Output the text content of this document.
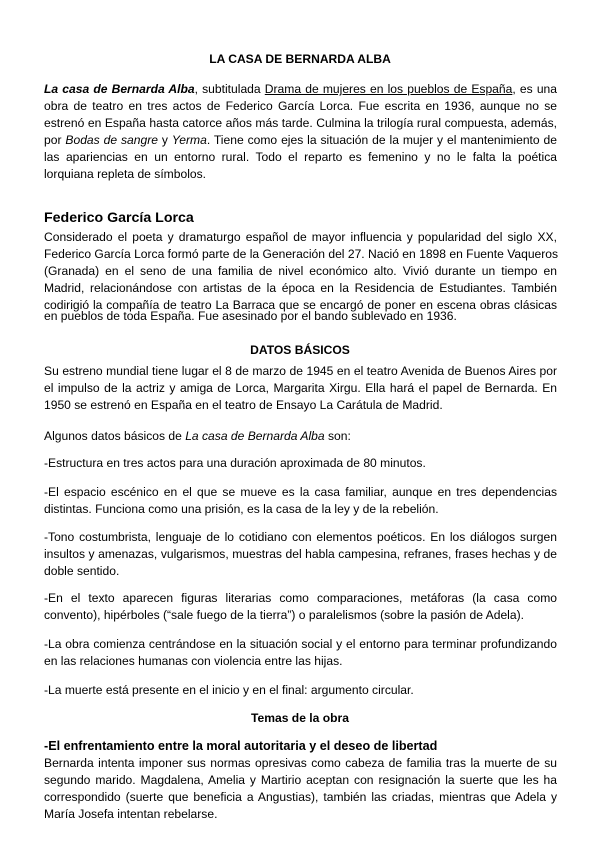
LA CASA DE BERNARDA ALBA
La casa de Bernarda Alba, subtitulada Drama de mujeres en los pueblos de España, es una
obra de teatro en tres actos de Federico García Lorca. Fue escrita en 1936, aunque no se
estrenó en España hasta catorce años más tarde. Culmina la trilogía rural compuesta, además,
por Bodas de sangre y Yerma. Tiene como ejes la situación de la mujer y el mantenimiento de
las apariencias en un entorno rural. Todo el reparto es femenino y no le falta la poética
lorquiana repleta de símbolos.
Federico García Lorca
Considerado el poeta y dramaturgo español de mayor influencia y popularidad del siglo XX,
Federico García Lorca formó parte de la Generación del 27. Nació en 1898 en Fuente Vaqueros
(Granada) en el seno de una familia de nivel económico alto. Vivió durante un tiempo en
Madrid, relacionándose con artistas de la época en la Residencia de Estudiantes. También
codirigió la compañía de teatro La Barraca que se encargó de poner en escena obras clásicas
en pueblos de toda España. Fue asesinado por el bando sublevado en 1936.
DATOS BÁSICOS
Su estreno mundial tiene lugar el 8 de marzo de 1945 en el teatro Avenida de Buenos Aires por
el impulso de la actriz y amiga de Lorca, Margarita Xirgu. Ella hará el papel de Bernarda. En
1950 se estrenó en España en el teatro de Ensayo La Carátula de Madrid.
Algunos datos básicos de La casa de Bernarda Alba son:
-Estructura en tres actos para una duración aproximada de 80 minutos.
-El espacio escénico en el que se mueve es la casa familiar, aunque en tres dependencias
distintas. Funciona como una prisión, es la casa de la ley y de la rebelión.
-Tono costumbrista, lenguaje de lo cotidiano con elementos poéticos. En los diálogos surgen
insultos y amenazas, vulgarismos, muestras del habla campesina, refranes, frases hechas y de
doble sentido.
-En el texto aparecen figuras literarias como comparaciones, metáforas (la casa como
convento), hipérboles (“sale fuego de la tierra”) o paralelismos (sobre la pasión de Adela).
-La obra comienza centrándose en la situación social y el entorno para terminar profundizando
en las relaciones humanas con violencia entre las hijas.
-La muerte está presente en el inicio y en el final: argumento circular.
Temas de la obra
-El enfrentamiento entre la moral autoritaria y el deseo de libertad
Bernarda intenta imponer sus normas opresivas como cabeza de familia tras la muerte de su
segundo marido. Magdalena, Amelia y Martirio aceptan con resignación la suerte que les ha
correspondido (suerte que beneficia a Angustias), también las criadas, mientras que Adela y
María Josefa intentan rebelarse.
